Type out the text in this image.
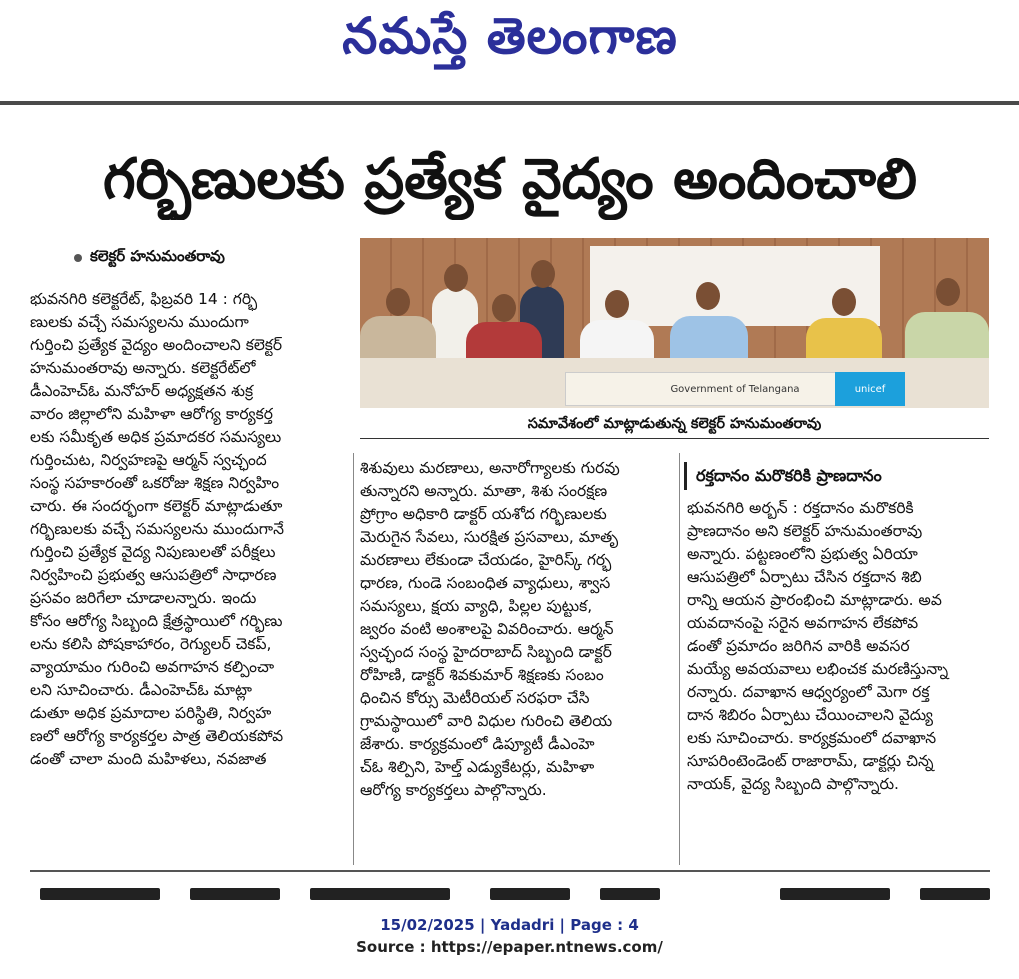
నమస్తే తెలంగాణ
గర్భిణులకు ప్రత్యేక వైద్యం అందించాలి
కలెక్టర్ హనుమంతరావు

భువనగిరి కలెక్టరేట్, ఫిబ్రవరి 14 : గర్భి

ణులకు వచ్చే సమస్యలను ముందుగా

గుర్తించి ప్రత్యేక వైద్యం అందించాలని కలెక్టర్

హనుమంతరావు అన్నారు. కలెక్టరేట్‌లో

డీఎంహెచ్ఓ మనోహర్ అధ్యక్షతన శుక్ర

వారం జిల్లాలోని మహిళా ఆరోగ్య కార్యకర్త

లకు సమీకృత అధిక ప్రమాదకర సమస్యలు

గుర్తించుట, నిర్వహణపై ఆర్మన్ స్వచ్ఛంద

సంస్థ సహకారంతో ఒకరోజు శిక్షణ నిర్వహిం

చారు. ఈ సందర్భంగా కలెక్టర్ మాట్లాడుతూ

గర్భిణులకు వచ్చే సమస్యలను ముందుగానే

గుర్తించి ప్రత్యేక వైద్య నిపుణులతో పరీక్షలు

నిర్వహించి ప్రభుత్వ ఆసుపత్రిలో సాధారణ

ప్రసవం జరిగేలా చూడాలన్నారు. ఇందు

కోసం ఆరోగ్య సిబ్బంది క్షేత్రస్థాయిలో గర్భిణు

లను కలిసి పోషకాహారం, రెగ్యులర్ చెకప్,

వ్యాయామం గురించి అవగాహన కల్పించా

లని సూచించారు. డీఎంహెచ్ఓ మాట్లా

డుతూ అధిక ప్రమాదాల పరిస్థితి, నిర్వహ

ణలో ఆరోగ్య కార్యకర్తల పాత్ర తెలియకపోవ

డంతో చాలా మంది మహిళలు, నవజాత

Government of Telangana	unicef
సమావేశంలో మాట్లాడుతున్న కలెక్టర్ హనుమంతరావు

శిశువులు మరణాలు, అనారోగ్యాలకు గురవు

తున్నారని అన్నారు. మాతా, శిశు సంరక్షణ

ప్రోగ్రాం అధికారి డాక్టర్ యశోద గర్భిణులకు

మెరుగైన సేవలు, సురక్షిత ప్రసవాలు, మాతృ

మరణాలు లేకుండా చేయడం, హైరిస్క్ గర్భ

ధారణ, గుండె సంబంధిత వ్యాధులు, శ్వాస

సమస్యలు, క్షయ వ్యాధి, పిల్లల పుట్టుక,

జ్వరం వంటి అంశాలపై వివరించారు. ఆర్మన్

స్వచ్ఛంద సంస్థ హైదరాబాద్ సిబ్బంది డాక్టర్

రోహిణి, డాక్టర్ శివకుమార్ శిక్షణకు సంబం

ధించిన కోర్సు మెటీరియల్ సరఫరా చేసి

గ్రామస్థాయిలో వారి విధుల గురించి తెలియ

జేశారు. కార్యక్రమంలో డిప్యూటీ డీఎంహె

చ్ఓ శిల్పిని, హెల్త్ ఎడ్యుకేటర్లు, మహిళా

ఆరోగ్య కార్యకర్తలు పాల్గొన్నారు.

రక్తదానం మరొకరికి ప్రాణదానం

భువనగిరి అర్బన్ : రక్తదానం మరొకరికి

ప్రాణదానం అని కలెక్టర్ హనుమంతరావు

అన్నారు. పట్టణంలోని ప్రభుత్వ ఏరియా

ఆసుపత్రిలో ఏర్పాటు చేసిన రక్తదాన శిబి

రాన్ని ఆయన ప్రారంభించి మాట్లాడారు. అవ

యవదానంపై సరైన అవగాహన లేకపోవ

డంతో ప్రమాదం జరిగిన వారికి అవసర

మయ్యే అవయవాలు లభించక మరణిస్తున్నా

రన్నారు. దవాఖాన ఆధ్వర్యంలో మెగా రక్త

దాన శిబిరం ఏర్పాటు చేయించాలని వైద్యు

లకు సూచించారు. కార్యక్రమంలో దవాఖాన

సూపరింటెండెంట్ రాజారామ్, డాక్టర్లు చిన్న

నాయక్, వైద్య సిబ్బంది పాల్గొన్నారు.

15/02/2025 | Yadadri | Page : 4
Source : https://epaper.ntnews.com/
